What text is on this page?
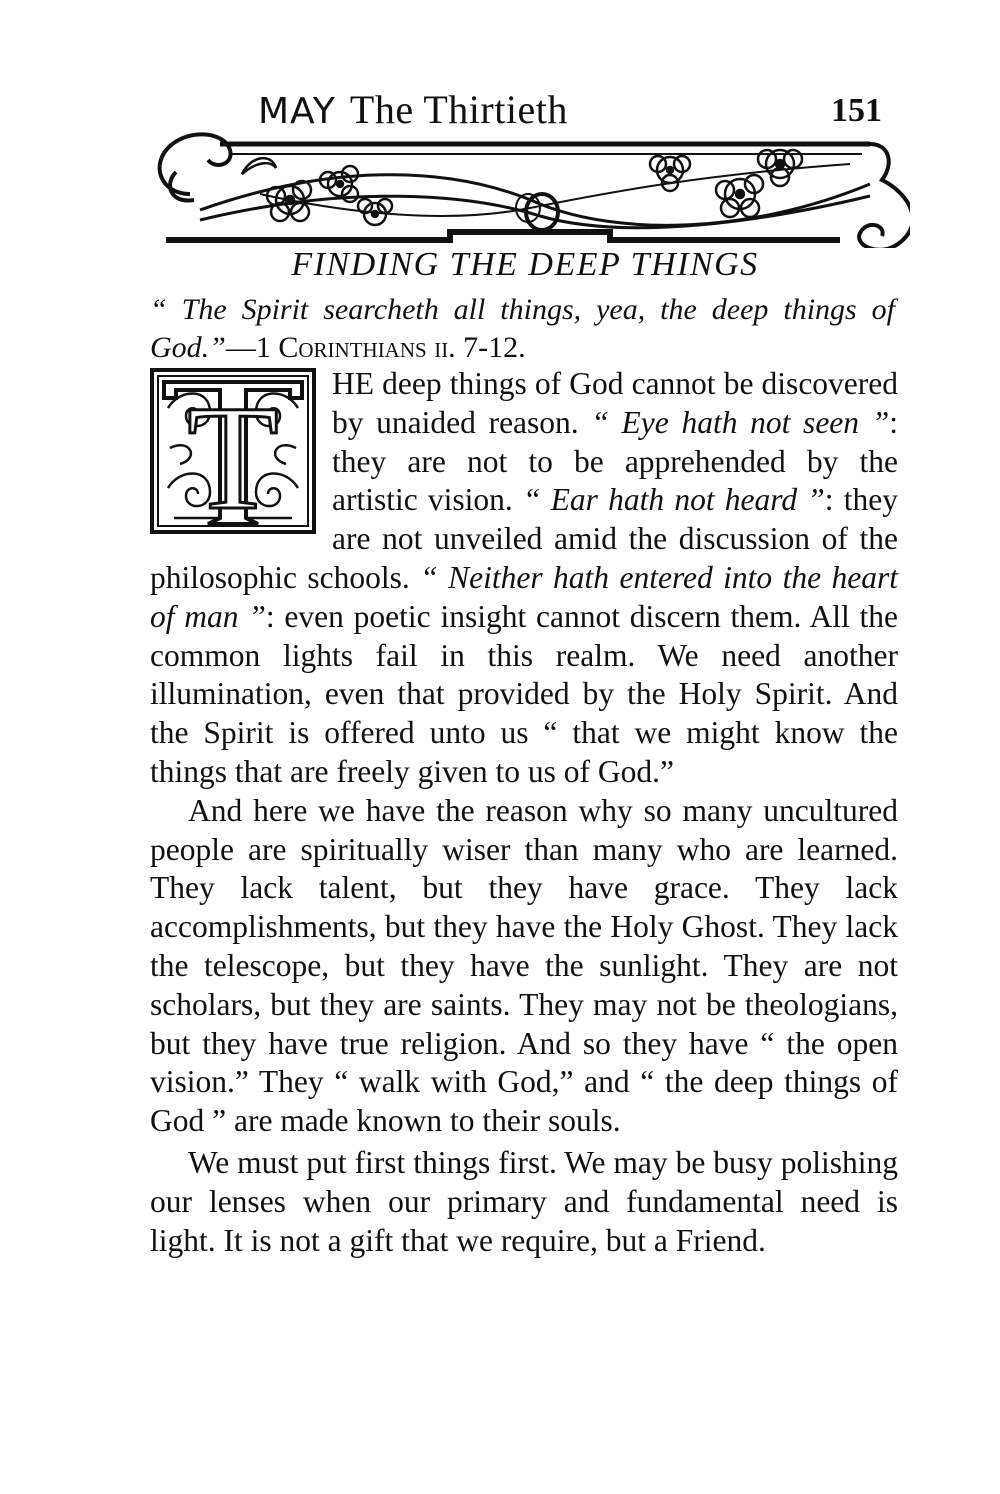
MAY The Thirtieth	151
FINDING THE DEEP THINGS
“ The Spirit searcheth all things, yea, the deep things of God.”—1 Corinthians ii. 7-12.
T	HE deep things of God cannot be discovered by unaided reason. “ Eye hath not seen ”: they are not to be apprehended by the artistic vision. “ Ear hath not heard ”: they are not unveiled amid the discussion of the philosophic schools. “ Neither hath entered into the heart of man ”: even poetic insight cannot discern them. All the common lights fail in this realm. We need another illumination, even that provided by the Holy Spirit. And the Spirit is offered unto us “ that we might know the things that are freely given to us of God.”

And here we have the reason why so many uncultured people are spiritually wiser than many who are learned. They lack talent, but they have grace. They lack accomplishments, but they have the Holy Ghost. They lack the telescope, but they have the sunlight. They are not scholars, but they are saints. They may not be theologians, but they have true religion. And so they have “ the open vision.” They “ walk with God,” and “ the deep things of God ” are made known to their souls.

We must put first things first. We may be busy polishing our lenses when our primary and fundamental need is light. It is not a gift that we require, but a Friend.
